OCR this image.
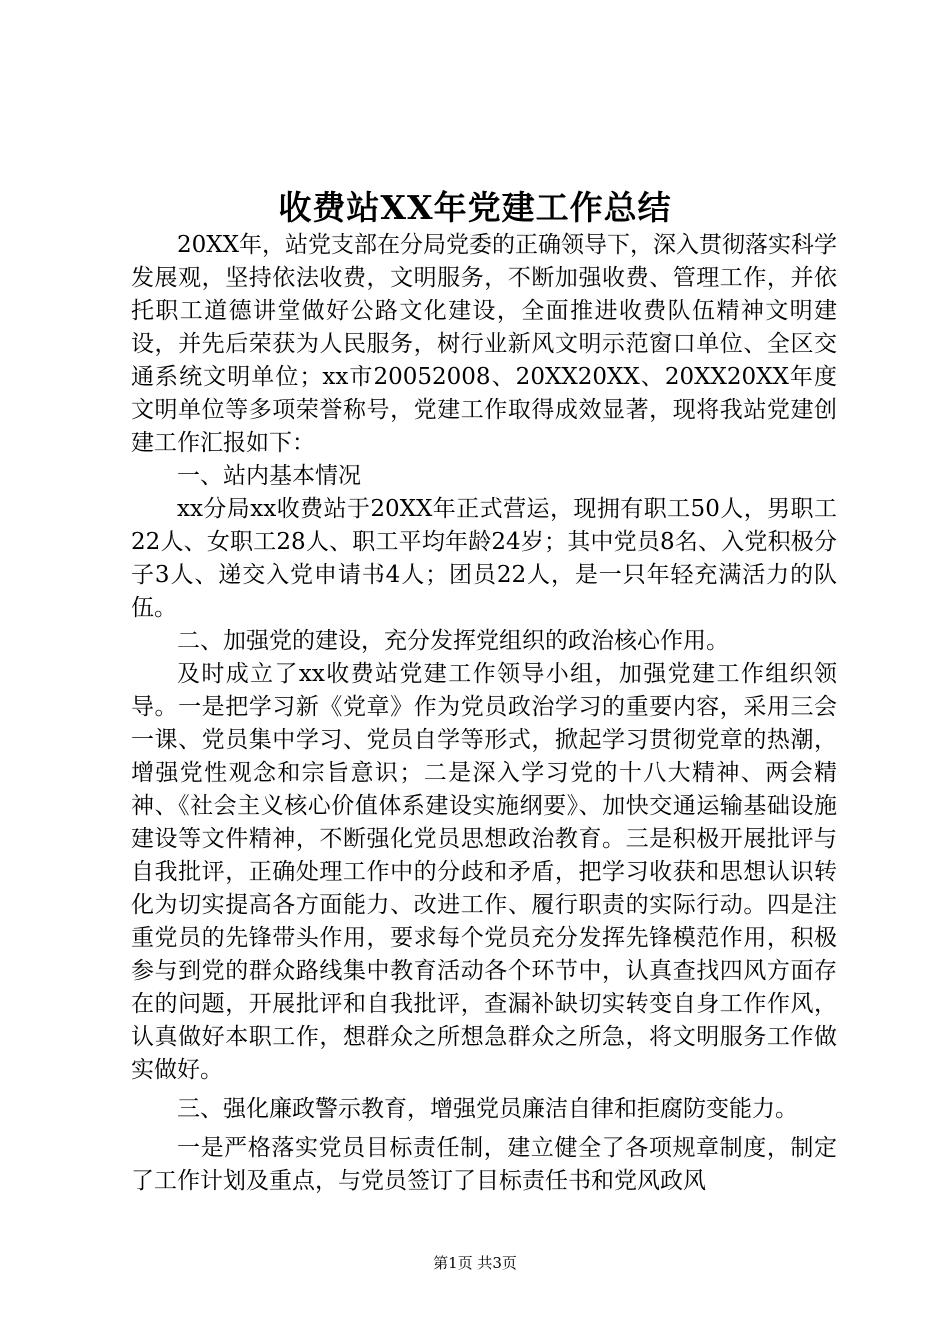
收费站XX年党建工作总结

20XX年，站党支部在分局党委的正确领导下，深入贯彻落实科学发展观，坚持依法收费，文明服务，不断加强收费、管理工作，并依托职工道德讲堂做好公路文化建设，全面推进收费队伍精神文明建设，并先后荣获为人民服务，树行业新风文明示范窗口单位、全区交通系统文明单位；xx市20052008、20XX20XX、20XX20XX年度文明单位等多项荣誉称号，党建工作取得成效显著，现将我站党建创建工作汇报如下：

一、站内基本情况

xx分局xx收费站于20XX年正式营运，现拥有职工50人，男职工22人、女职工28人、职工平均年龄24岁；其中党员8名、入党积极分子3人、递交入党申请书4人；团员22人，是一只年轻充满活力的队伍。

二、加强党的建设，充分发挥党组织的政治核心作用。

及时成立了xx收费站党建工作领导小组，加强党建工作组织领导。一是把学习新《党章》作为党员政治学习的重要内容，采用三会一课、党员集中学习、党员自学等形式，掀起学习贯彻党章的热潮，增强党性观念和宗旨意识；二是深入学习党的十八大精神、两会精神、《社会主义核心价值体系建设实施纲要》、加快交通运输基础设施建设等文件精神，不断强化党员思想政治教育。三是积极开展批评与自我批评，正确处理工作中的分歧和矛盾，把学习收获和思想认识转化为切实提高各方面能力、改进工作、履行职责的实际行动。四是注重党员的先锋带头作用，要求每个党员充分发挥先锋模范作用，积极参与到党的群众路线集中教育活动各个环节中，认真查找四风方面存在的问题，开展批评和自我批评，查漏补缺切实转变自身工作作风，认真做好本职工作，想群众之所想急群众之所急，将文明服务工作做实做好。

三、强化廉政警示教育，增强党员廉洁自律和拒腐防变能力。

一是严格落实党员目标责任制，建立健全了各项规章制度，制定了工作计划及重点，与党员签订了目标责任书和党风政风

第1页 共3页
